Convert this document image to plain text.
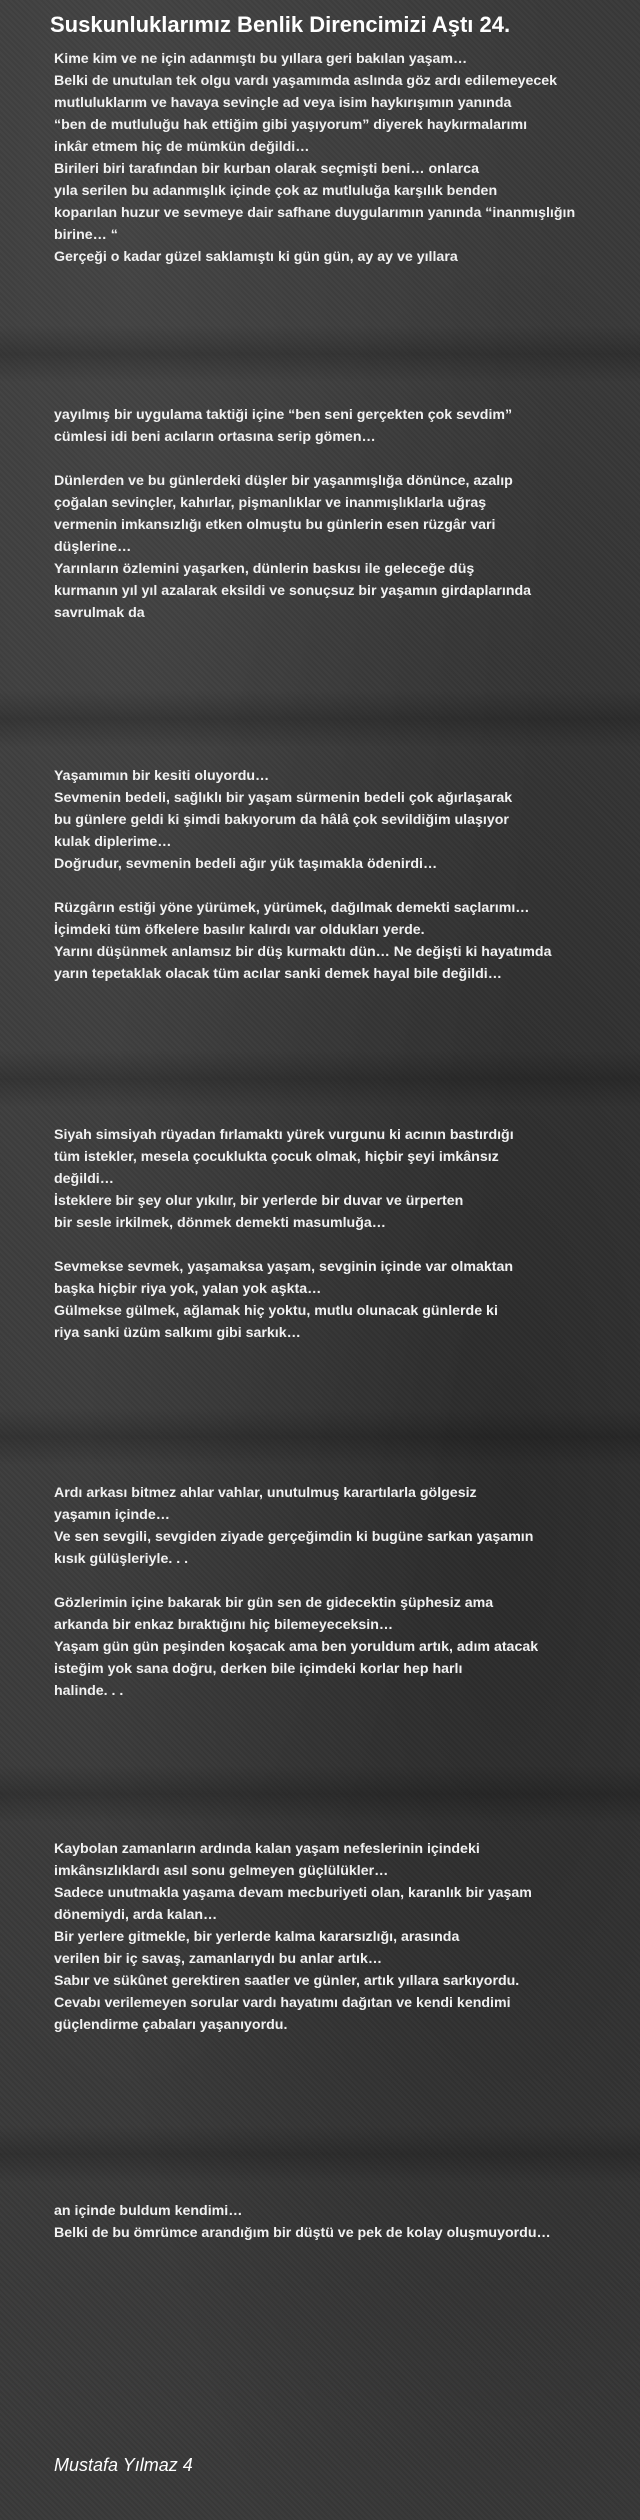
Suskunluklarımız Benlik Direncimizi Aştı 24.
Kime kim ve ne için adanmıştı bu yıllara geri bakılan yaşam…
Belki de unutulan tek olgu vardı yaşamımda aslında göz ardı edilemeyecek
mutluluklarım ve havaya sevinçle ad veya isim haykırışımın yanında
“ben de mutluluğu hak ettiğim gibi yaşıyorum” diyerek haykırmalarımı
inkâr etmem hiç de mümkün değildi…
Birileri biri tarafından bir kurban olarak seçmişti beni… onlarca
yıla serilen bu adanmışlık içinde çok az mutluluğa karşılık benden
koparılan huzur ve sevmeye dair safhane duygularımın yanında “inanmışlığın
birine… “
Gerçeği o kadar güzel saklamıştı ki gün gün, ay ay ve yıllara
yayılmış bir uygulama taktiği içine “ben seni gerçekten çok sevdim”
cümlesi idi beni acıların ortasına serip gömen…
Dünlerden ve bu günlerdeki düşler bir yaşanmışlığa dönünce, azalıp
çoğalan sevinçler, kahırlar, pişmanlıklar ve inanmışlıklarla uğraş
vermenin imkansızlığı etken olmuştu bu günlerin esen rüzgâr vari
düşlerine…
Yarınların özlemini yaşarken, dünlerin baskısı ile geleceğe düş
kurmanın yıl yıl azalarak eksildi ve sonuçsuz bir yaşamın girdaplarında
savrulmak da
Yaşamımın bir kesiti oluyordu…
Sevmenin bedeli, sağlıklı bir yaşam sürmenin bedeli çok ağırlaşarak
bu günlere geldi ki şimdi bakıyorum da hâlâ çok sevildiğim ulaşıyor
kulak diplerime…
Doğrudur, sevmenin bedeli ağır yük taşımakla ödenirdi…
Rüzgârın estiği yöne yürümek, yürümek, dağılmak demekti saçlarımı…
İçimdeki tüm öfkelere basılır kalırdı var oldukları yerde.
Yarını düşünmek anlamsız bir düş kurmaktı dün… Ne değişti ki hayatımda
yarın tepetaklak olacak tüm acılar sanki demek hayal bile değildi…
Siyah simsiyah rüyadan fırlamaktı yürek vurgunu ki acının bastırdığı
tüm istekler, mesela çocuklukta çocuk olmak, hiçbir şeyi imkânsız
değildi…
İsteklere bir şey olur yıkılır, bir yerlerde bir duvar ve ürperten
bir sesle irkilmek, dönmek demekti masumluğa…
Sevmekse sevmek, yaşamaksa yaşam, sevginin içinde var olmaktan
başka hiçbir riya yok, yalan yok aşkta…
Gülmekse gülmek, ağlamak hiç yoktu, mutlu olunacak günlerde ki
riya sanki üzüm salkımı gibi sarkık…
Ardı arkası bitmez ahlar vahlar, unutulmuş karartılarla gölgesiz
yaşamın içinde…
Ve sen sevgili, sevgiden ziyade gerçeğimdin ki bugüne sarkan yaşamın
kısık gülüşleriyle. . .
Gözlerimin içine bakarak bir gün sen de gidecektin şüphesiz ama
arkanda bir enkaz bıraktığını hiç bilemeyeceksin…
Yaşam gün gün peşinden koşacak ama ben yoruldum artık, adım atacak
isteğim yok sana doğru, derken bile içimdeki korlar hep harlı
halinde. . .
Kaybolan zamanların ardında kalan yaşam nefeslerinin içindeki
imkânsızlıklardı asıl sonu gelmeyen güçlülükler…
Sadece unutmakla yaşama devam mecburiyeti olan, karanlık bir yaşam
dönemiydi, arda kalan…
Bir yerlere gitmekle, bir yerlerde kalma kararsızlığı, arasında
verilen bir iç savaş, zamanlarıydı bu anlar artık…
Sabır ve sükûnet gerektiren saatler ve günler, artık yıllara sarkıyordu.
Cevabı verilemeyen sorular vardı hayatımı dağıtan ve kendi kendimi
güçlendirme çabaları yaşanıyordu.
an içinde buldum kendimi…
Belki de bu ömrümce arandığım bir düştü ve pek de kolay oluşmuyordu…
Mustafa Yılmaz 4
